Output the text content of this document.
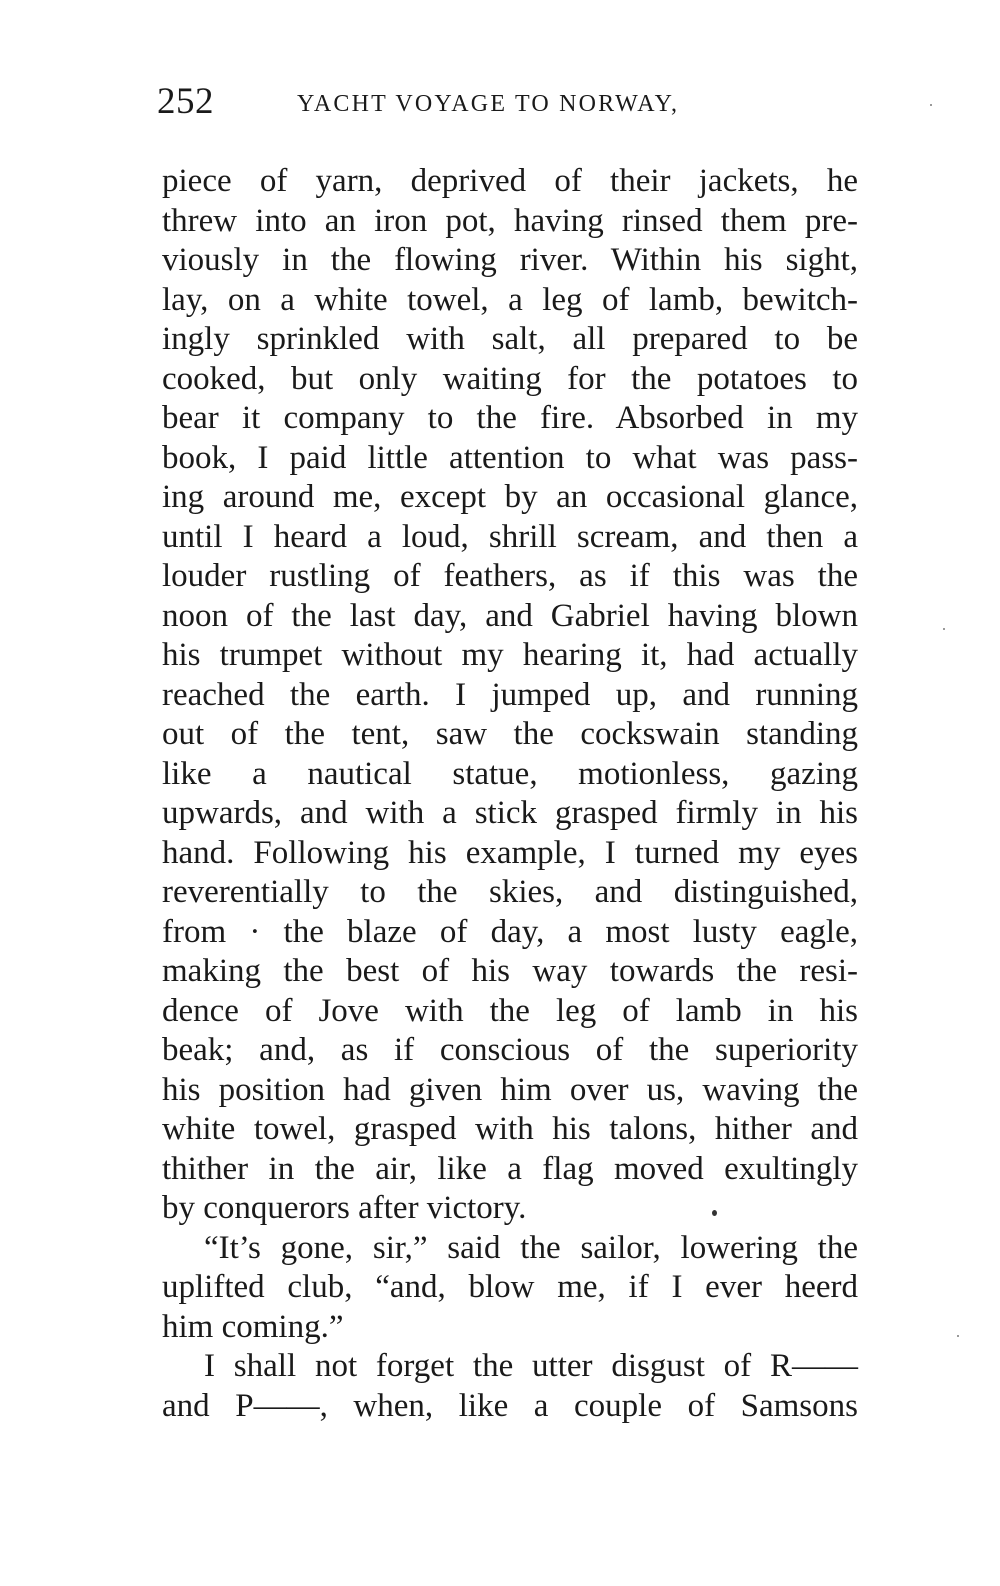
252	YACHT VOYAGE TO NORWAY,
piece of yarn, deprived of their jackets, he
threw into an iron pot, having rinsed them pre-
viously in the flowing river. Within his sight,
lay, on a white towel, a leg of lamb, bewitch-
ingly sprinkled with salt, all prepared to be
cooked, but only waiting for the potatoes to
bear it company to the fire. Absorbed in my
book, I paid little attention to what was pass-
ing around me, except by an occasional glance,
until I heard a loud, shrill scream, and then a
louder rustling of feathers, as if this was the
noon of the last day, and Gabriel having blown
his trumpet without my hearing it, had actually
reached the earth. I jumped up, and running
out of the tent, saw the cockswain standing
like a nautical statue, motionless, gazing
upwards, and with a stick grasped firmly in his
hand. Following his example, I turned my eyes
reverentially to the skies, and distinguished,
from · the blaze of day, a most lusty eagle,
making the best of his way towards the resi-
dence of Jove with the leg of lamb in his
beak; and, as if conscious of the superiority
his position had given him over us, waving the
white towel, grasped with his talons, hither and
thither in the air, like a flag moved exultingly
by conquerors after victory.
“It’s gone, sir,” said the sailor, lowering the
uplifted club, “and, blow me, if I ever heerd
him coming.”
I shall not forget the utter disgust of R——
and P——, when, like a couple of Samsons
